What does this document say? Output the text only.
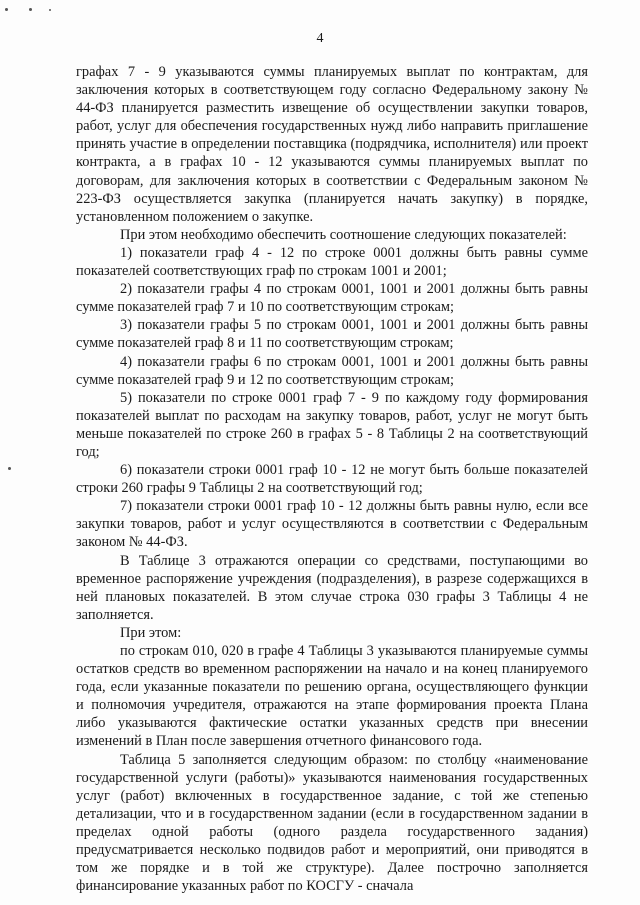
4

графах 7 - 9 указываются суммы планируемых выплат по контрактам, для заключения которых в соответствующем году согласно Федеральному закону № 44-ФЗ планируется разместить извещение об осуществлении закупки товаров, работ, услуг для обеспечения государственных нужд либо направить приглашение принять участие в определении поставщика (подрядчика, исполнителя) или проект контракта, а в графах 10 - 12 указываются суммы планируемых выплат по договорам, для заключения которых в соответствии с Федеральным законом № 223-ФЗ осуществляется закупка (планируется начать закупку) в порядке, установленном положением о закупке.

При этом необходимо обеспечить соотношение следующих показателей:

1) показатели граф 4 - 12 по строке 0001 должны быть равны сумме показателей соответствующих граф по строкам 1001 и 2001;

2) показатели графы 4 по строкам 0001, 1001 и 2001 должны быть равны сумме показателей граф 7 и 10 по соответствующим строкам;

3) показатели графы 5 по строкам 0001, 1001 и 2001 должны быть равны сумме показателей граф 8 и 11 по соответствующим строкам;

4) показатели графы 6 по строкам 0001, 1001 и 2001 должны быть равны сумме показателей граф 9 и 12 по соответствующим строкам;

5) показатели по строке 0001 граф 7 - 9 по каждому году формирования показателей выплат по расходам на закупку товаров, работ, услуг не могут быть меньше показателей по строке 260 в графах 5 - 8 Таблицы 2 на соответствующий год;

6) показатели строки 0001 граф 10 - 12 не могут быть больше показателей строки 260 графы 9 Таблицы 2 на соответствующий год;

7) показатели строки 0001 граф 10 - 12 должны быть равны нулю, если все закупки товаров, работ и услуг осуществляются в соответствии с Федеральным законом № 44-ФЗ.

В Таблице 3 отражаются операции со средствами, поступающими во временное распоряжение учреждения (подразделения), в разрезе содержащихся в ней плановых показателей. В этом случае строка 030 графы 3 Таблицы 4 не заполняется.

При этом:

по строкам 010, 020 в графе 4 Таблицы 3 указываются планируемые суммы остатков средств во временном распоряжении на начало и на конец планируемого года, если указанные показатели по решению органа, осуществляющего функции и полномочия учредителя, отражаются на этапе формирования проекта Плана либо указываются фактические остатки указанных средств при внесении изменений в План после завершения отчетного финансового года.

Таблица 5 заполняется следующим образом: по столбцу «наименование государственной услуги (работы)» указываются наименования государственных услуг (работ) включенных в государственное задание, с той же степенью детализации, что и в государственном задании (если в государственном задании в пределах одной работы (одного раздела государственного задания) предусматривается несколько подвидов работ и мероприятий, они приводятся в том же порядке и в той же структуре). Далее построчно заполняется финансирование указанных работ по КОСГУ - сначала
